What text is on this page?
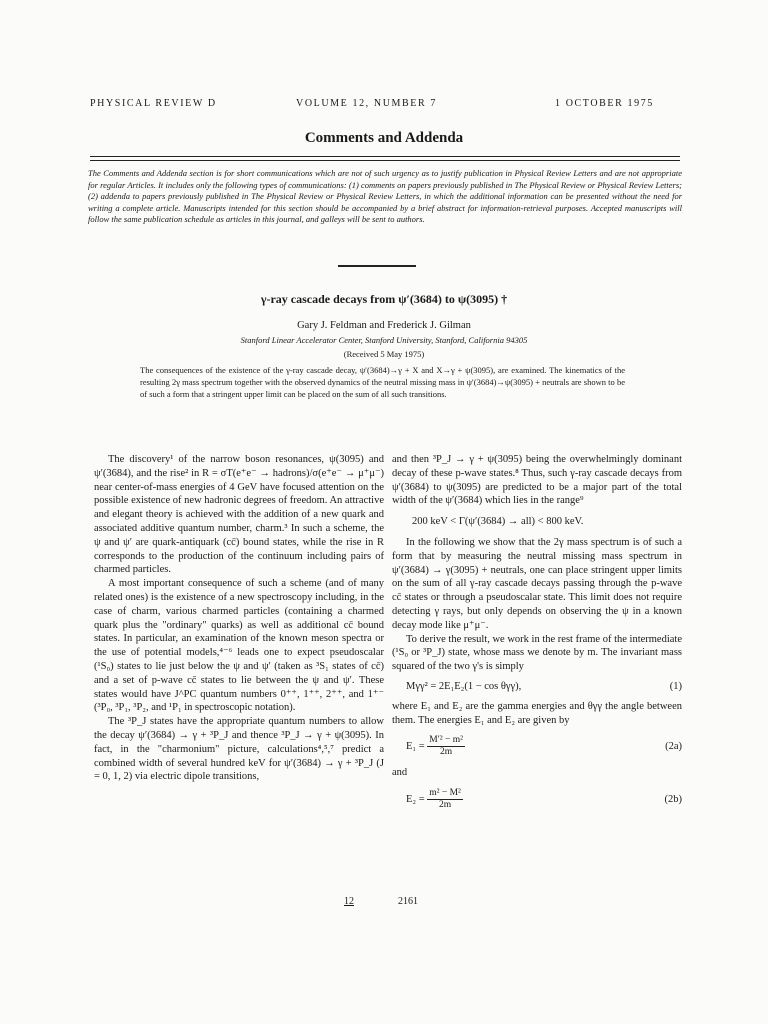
PHYSICAL REVIEW D	VOLUME 12, NUMBER 7	1 OCTOBER 1975
Comments and Addenda
The Comments and Addenda section is for short communications which are not of such urgency as to justify publication in Physical Review Letters and are not appropriate for regular Articles. It includes only the following types of communications: (1) comments on papers previously published in The Physical Review or Physical Review Letters; (2) addenda to papers previously published in The Physical Review or Physical Review Letters, in which the additional information can be presented without the need for writing a complete article. Manuscripts intended for this section should be accompanied by a brief abstract for information-retrieval purposes. Accepted manuscripts will follow the same publication schedule as articles in this journal, and galleys will be sent to authors.
γ-ray cascade decays from ψ′(3684) to ψ(3095) †
Gary J. Feldman and Frederick J. Gilman
Stanford Linear Accelerator Center, Stanford University, Stanford, California 94305
(Received 5 May 1975)
The consequences of the existence of the γ-ray cascade decay, ψ′(3684)→γ + X and X→γ + ψ(3095), are examined. The kinematics of the resulting 2γ mass spectrum together with the observed dynamics of the neutral missing mass in ψ′(3684)→ψ(3095) + neutrals are shown to be of such a form that a stringent upper limit can be placed on the sum of all such transitions.

The discovery¹ of the narrow boson resonances, ψ(3095) and ψ′(3684), and the rise² in R = σT(e⁺e⁻ → hadrons)/σ(e⁺e⁻ → μ⁺μ⁻) near center-of-mass energies of 4 GeV have focused attention on the possible existence of new hadronic degrees of freedom. An attractive and elegant theory is achieved with the addition of a new quark and associated additive quantum number, charm.³ In such a scheme, the ψ and ψ′ are quark-antiquark (cc̄) bound states, while the rise in R corresponds to the production of the continuum including pairs of charmed particles.

A most important consequence of such a scheme (and of many related ones) is the existence of a new spectroscopy including, in the case of charm, various charmed particles (containing a charmed quark plus the "ordinary" quarks) as well as additional cc̄ bound states. In particular, an examination of the known meson spectra or the use of potential models,⁴⁻⁶ leads one to expect pseudoscalar (¹S₀) states to lie just below the ψ and ψ′ (taken as ³S₁ states of cc̄) and a set of p-wave cc̄ states to lie between the ψ and ψ′. These states would have J^PC quantum numbers 0⁺⁺, 1⁺⁺, 2⁺⁺, and 1⁺⁻ (³P₀, ³P₁, ³P₂, and ¹P₁ in spectroscopic notation).

The ³P_J states have the appropriate quantum numbers to allow the decay ψ′(3684) → γ + ³P_J and thence ³P_J → γ + ψ(3095). In fact, in the "charmonium" picture, calculations⁴,⁵,⁷ predict a combined width of several hundred keV for ψ′(3684) → γ + ³P_J (J = 0, 1, 2) via electric dipole transitions,

and then ³P_J → γ + ψ(3095) being the overwhelmingly dominant decay of these p-wave states.⁸ Thus, such γ-ray cascade decays from ψ′(3684) to ψ(3095) are predicted to be a major part of the total width of the ψ′(3684) which lies in the range⁹

200 keV < Γ(ψ′(3684) → all) < 800 keV.

In the following we show that the 2γ mass spectrum is of such a form that by measuring the neutral missing mass spectrum in ψ′(3684) → γ(3095) + neutrals, one can place stringent upper limits on the sum of all γ-ray cascade decays passing through the p-wave cc̄ states or through a pseudoscalar state. This limit does not require detecting γ rays, but only depends on observing the ψ in a known decay mode like μ⁺μ⁻.

To derive the result, we work in the rest frame of the intermediate (¹S₀ or ³P_J) state, whose mass we denote by m. The invariant mass squared of the two γ's is simply

Mγγ² = 2E₁E₂(1 − cos θγγ),	(1)

where E₁ and E₂ are the gamma energies and θγγ the angle between them. The energies E₁ and E₂ are given by

$E_1 = \frac{\text{M′² − m²}}{2m}$	(2a)

and

$E_2 = \frac{\text{m² − M²}}{2m}$	(2b)
12	2161
